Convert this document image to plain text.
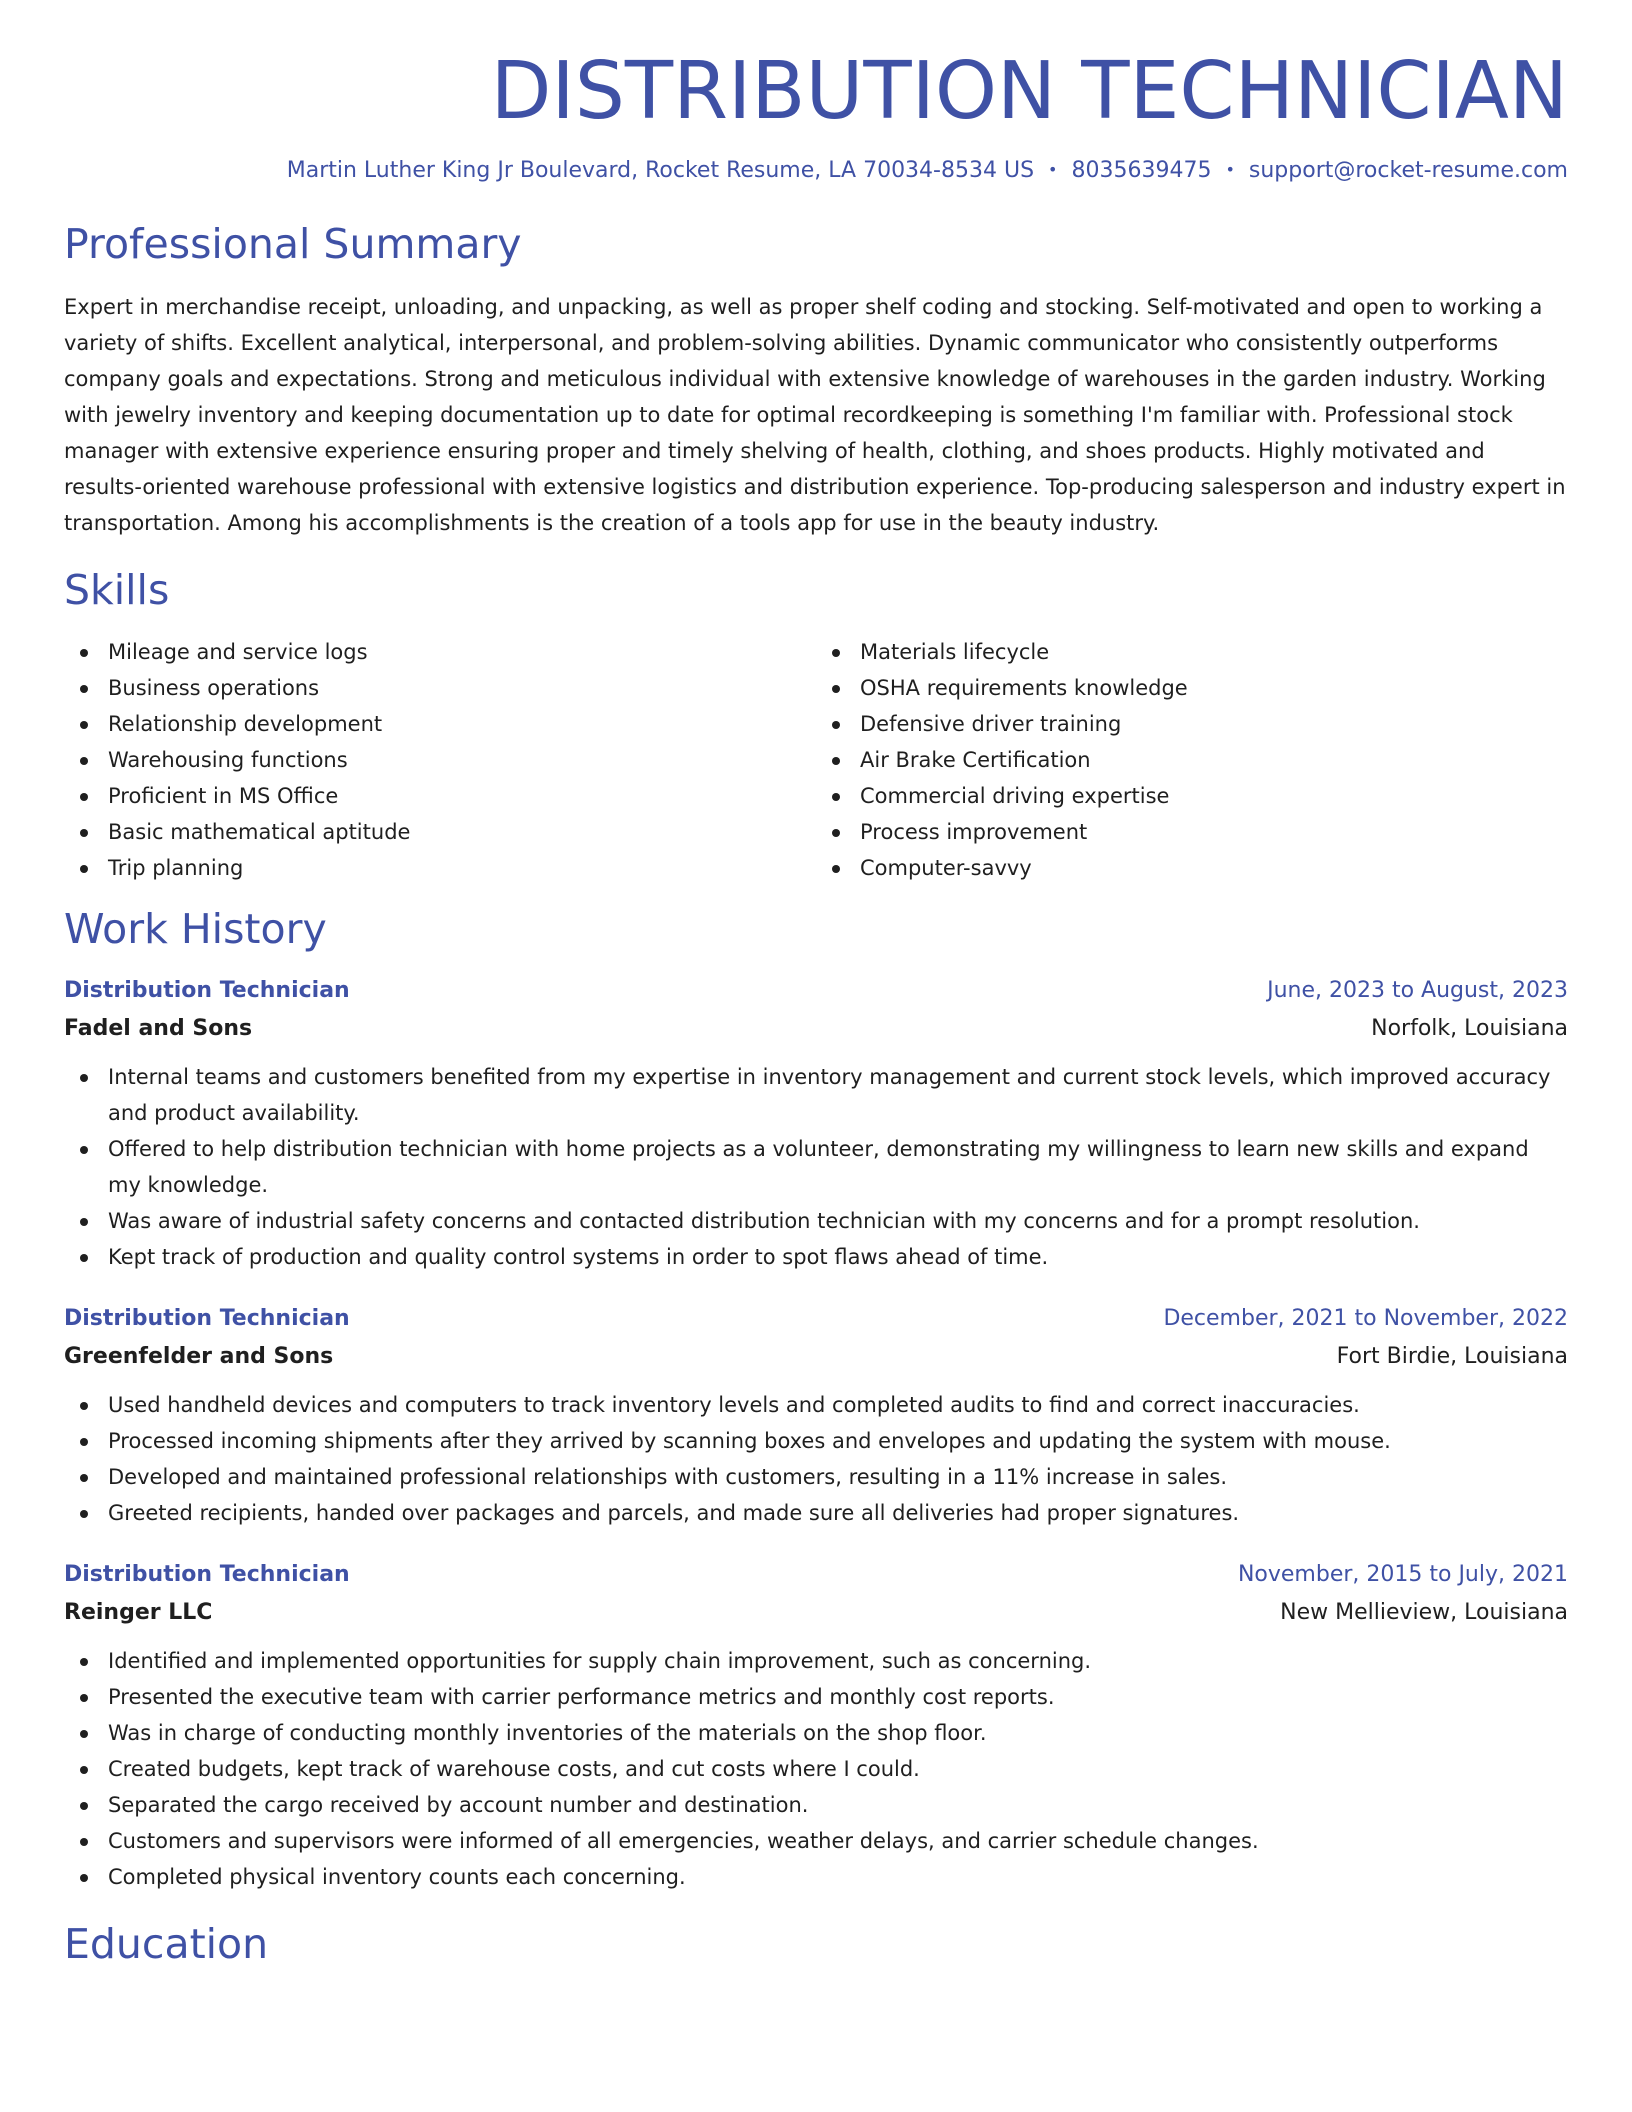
DISTRIBUTION TECHNICIAN
Martin Luther King Jr Boulevard, Rocket Resume, LA 70034-8534 US • 8035639475 • support@rocket-resume.com
Professional Summary

Expert in merchandise receipt, unloading, and unpacking, as well as proper shelf coding and stocking. Self-motivated and open to working a variety of shifts. Excellent analytical, interpersonal, and problem-solving abilities. Dynamic communicator who consistently outperforms company goals and expectations. Strong and meticulous individual with extensive knowledge of warehouses in the garden industry. Working with jewelry inventory and keeping documentation up to date for optimal recordkeeping is something I'm familiar with. Professional stock manager with extensive experience ensuring proper and timely shelving of health, clothing, and shoes products. Highly motivated and results-oriented warehouse professional with extensive logistics and distribution experience. Top-producing salesperson and industry expert in transportation. Among his accomplishments is the creation of a tools app for use in the beauty industry.

Skills
Mileage and service logs
Business operations
Relationship development
Warehousing functions
Proficient in MS Office
Basic mathematical aptitude
Trip planning
Materials lifecycle
OSHA requirements knowledge
Defensive driver training
Air Brake Certification
Commercial driving expertise
Process improvement
Computer-savvy
Work History
Distribution Technician	June, 2023 to August, 2023
Fadel and Sons	Norfolk, Louisiana
Internal teams and customers benefited from my expertise in inventory management and current stock levels, which improved accuracy and product availability.
Offered to help distribution technician with home projects as a volunteer, demonstrating my willingness to learn new skills and expand my knowledge.
Was aware of industrial safety concerns and contacted distribution technician with my concerns and for a prompt resolution.
Kept track of production and quality control systems in order to spot flaws ahead of time.
Distribution Technician	December, 2021 to November, 2022
Greenfelder and Sons	Fort Birdie, Louisiana
Used handheld devices and computers to track inventory levels and completed audits to find and correct inaccuracies.
Processed incoming shipments after they arrived by scanning boxes and envelopes and updating the system with mouse.
Developed and maintained professional relationships with customers, resulting in a 11% increase in sales.
Greeted recipients, handed over packages and parcels, and made sure all deliveries had proper signatures.
Distribution Technician	November, 2015 to July, 2021
Reinger LLC	New Mellieview, Louisiana
Identified and implemented opportunities for supply chain improvement, such as concerning.
Presented the executive team with carrier performance metrics and monthly cost reports.
Was in charge of conducting monthly inventories of the materials on the shop floor.
Created budgets, kept track of warehouse costs, and cut costs where I could.
Separated the cargo received by account number and destination.
Customers and supervisors were informed of all emergencies, weather delays, and carrier schedule changes.
Completed physical inventory counts each concerning.
Education
